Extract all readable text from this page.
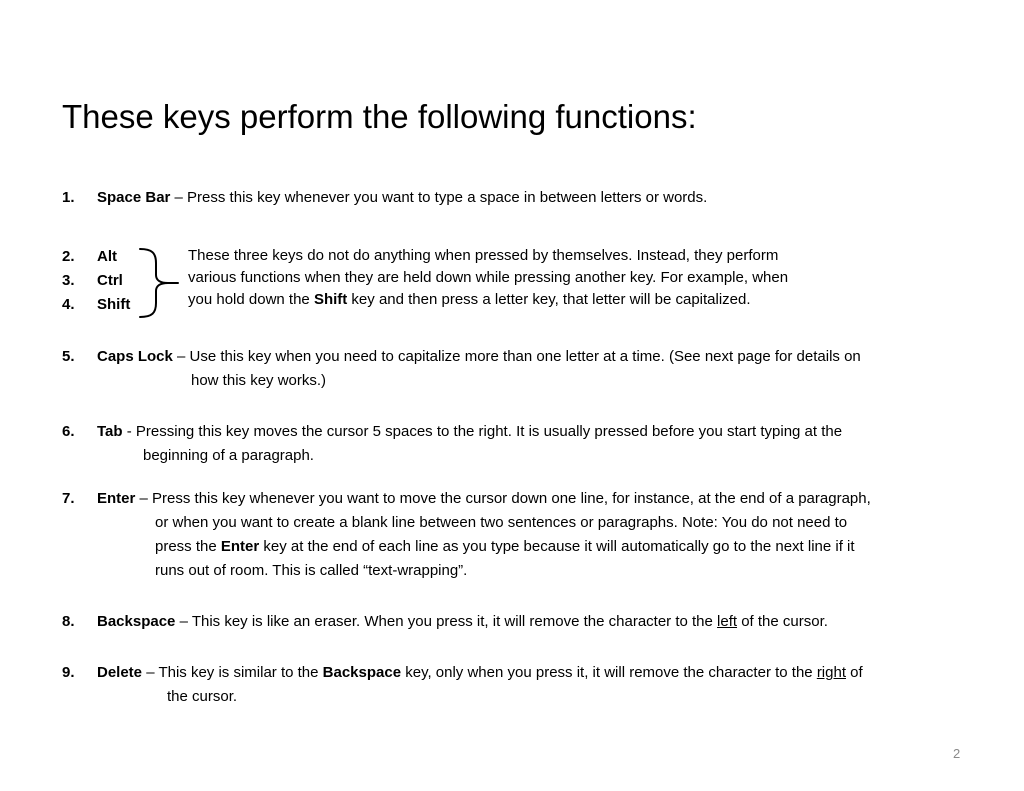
These keys perform the following functions:
1. Space Bar – Press this key whenever you want to type a space in between letters or words.
2. Alt
3. Ctrl
4. Shift
These three keys do not do anything when pressed by themselves. Instead, they perform
various functions when they are held down while pressing another key. For example, when
you hold down the Shift key and then press a letter key, that letter will be capitalized.
5. Caps Lock – Use this key when you need to capitalize more than one letter at a time. (See next page for details on
how this key works.)
6. Tab - Pressing this key moves the cursor 5 spaces to the right. It is usually pressed before you start typing at the
beginning of a paragraph.
7. Enter – Press this key whenever you want to move the cursor down one line, for instance, at the end of a paragraph,
or when you want to create a blank line between two sentences or paragraphs. Note: You do not need to
press the Enter key at the end of each line as you type because it will automatically go to the next line if it
runs out of room. This is called “text-wrapping”.
8. Backspace – This key is like an eraser. When you press it, it will remove the character to the left of the cursor.
9. Delete – This key is similar to the Backspace key, only when you press it, it will remove the character to the right of
the cursor.
2
